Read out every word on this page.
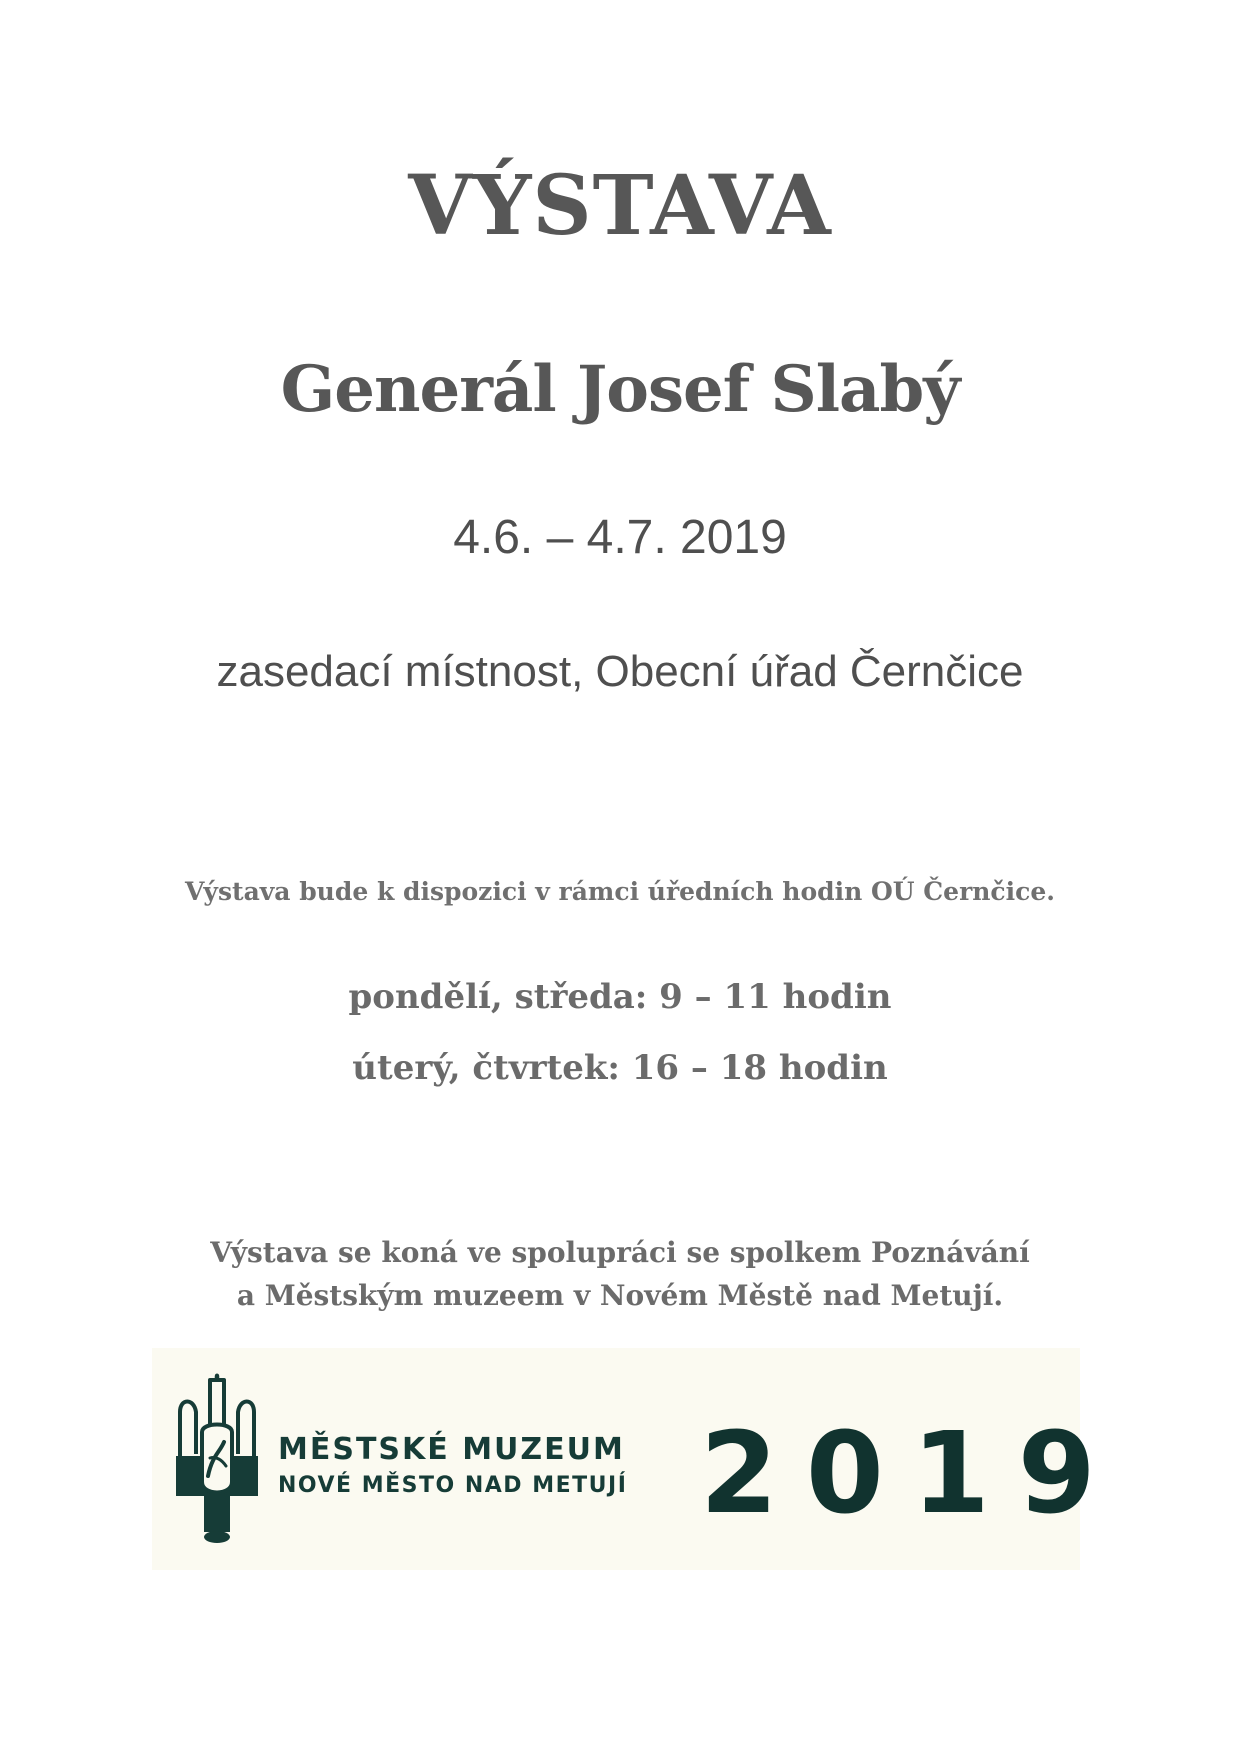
VÝSTAVA
Generál Josef Slabý
4.6. – 4.7. 2019
zasedací místnost, Obecní úřad Černčice
Výstava bude k dispozici v rámci úředních hodin OÚ Černčice.
pondělí, středa: 9 – 11 hodin
úterý, čtvrtek: 16 – 18 hodin
Výstava se koná ve spolupráci se spolkem Poznávání
a Městským muzeem v Novém Městě nad Metují.
MĚSTSKÉ MUZEUM
NOVÉ MĚSTO NAD METUJÍ 2019
